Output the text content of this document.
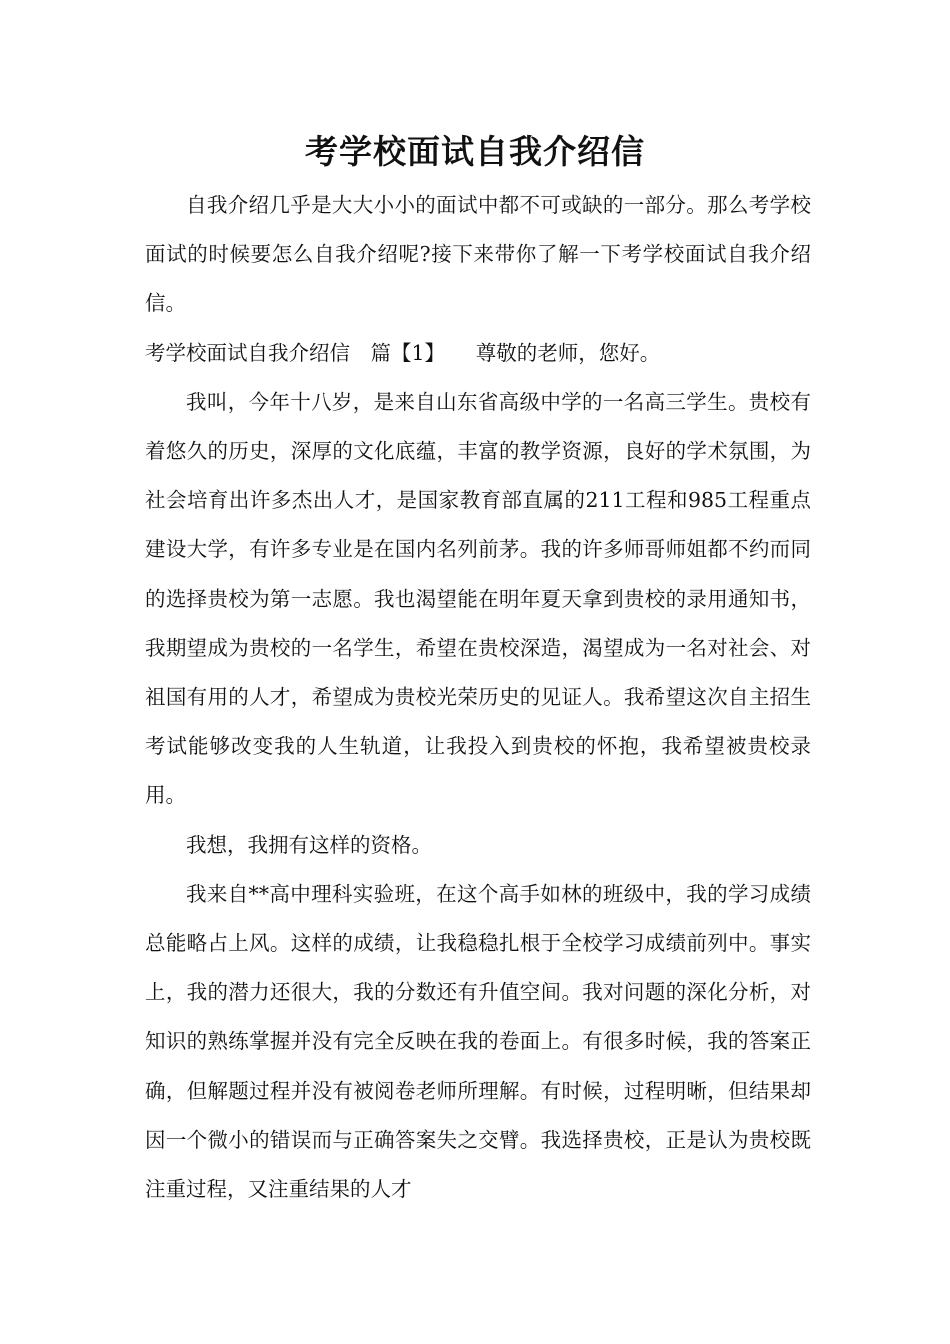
考学校面试自我介绍信

自我介绍几乎是大大小小的面试中都不可或缺的一部分。那么考学校面试的时候要怎么自我介绍呢?接下来带你了解一下考学校面试自我介绍信。

考学校面试自我介绍信　篇【1】　　尊敬的老师，您好。

我叫，今年十八岁，是来自山东省高级中学的一名高三学生。贵校有着悠久的历史，深厚的文化底蕴，丰富的教学资源，良好的学术氛围，为社会培育出许多杰出人才，是国家教育部直属的211工程和985工程重点建设大学，有许多专业是在国内名列前茅。我的许多师哥师姐都不约而同的选择贵校为第一志愿。我也渴望能在明年夏天拿到贵校的录用通知书，我期望成为贵校的一名学生，希望在贵校深造，渴望成为一名对社会、对祖国有用的人才，希望成为贵校光荣历史的见证人。我希望这次自主招生考试能够改变我的人生轨道，让我投入到贵校的怀抱，我希望被贵校录用。

我想，我拥有这样的资格。

我来自**高中理科实验班，在这个高手如林的班级中，我的学习成绩总能略占上风。这样的成绩，让我稳稳扎根于全校学习成绩前列中。事实上，我的潜力还很大，我的分数还有升值空间。我对问题的深化分析，对知识的熟练掌握并没有完全反映在我的卷面上。有很多时候，我的答案正确，但解题过程并没有被阅卷老师所理解。有时候，过程明晰，但结果却因一个微小的错误而与正确答案失之交臂。我选择贵校，正是认为贵校既注重过程，又注重结果的人才
